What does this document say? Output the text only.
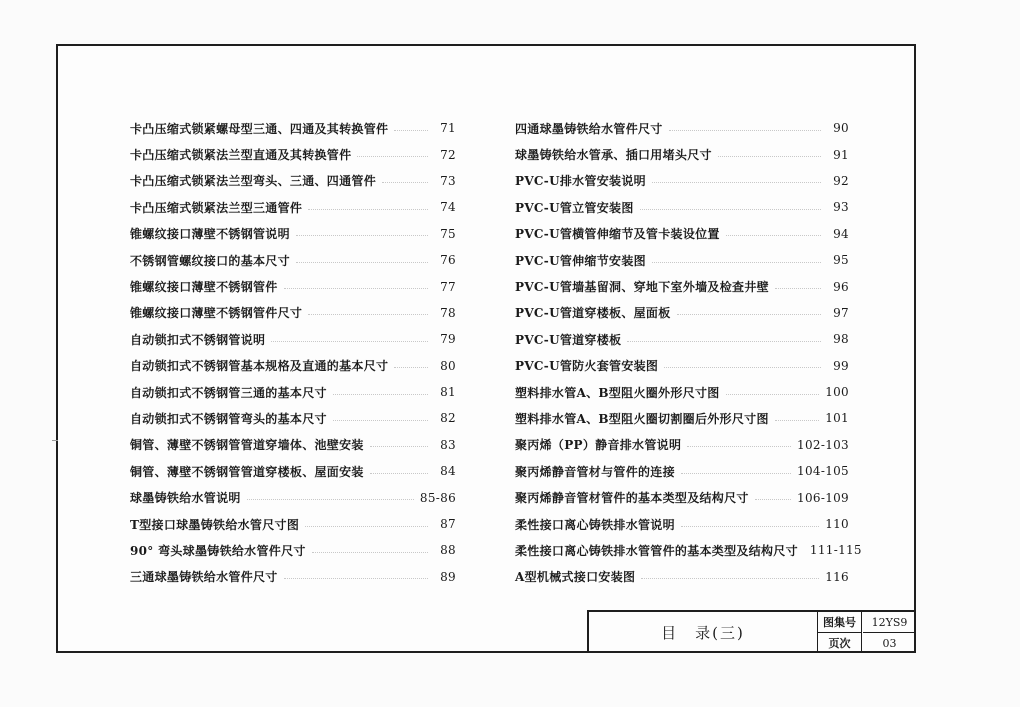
卡凸压缩式锁紧螺母型三通、四通及其转换管件	71
卡凸压缩式锁紧法兰型直通及其转换管件	72
卡凸压缩式锁紧法兰型弯头、三通、四通管件	73
卡凸压缩式锁紧法兰型三通管件	74
锥螺纹接口薄壁不锈钢管说明	75
不锈钢管螺纹接口的基本尺寸	76
锥螺纹接口薄壁不锈钢管件	77
锥螺纹接口薄壁不锈钢管件尺寸	78
自动锁扣式不锈钢管说明	79
自动锁扣式不锈钢管基本规格及直通的基本尺寸	80
自动锁扣式不锈钢管三通的基本尺寸	81
自动锁扣式不锈钢管弯头的基本尺寸	82
铜管、薄壁不锈钢管管道穿墙体、池壁安装	83
铜管、薄壁不锈钢管管道穿楼板、屋面安装	84
球墨铸铁给水管说明	85-86
T型接口球墨铸铁给水管尺寸图	87
90° 弯头球墨铸铁给水管件尺寸	88
三通球墨铸铁给水管件尺寸	89
四通球墨铸铁给水管件尺寸	90
球墨铸铁给水管承、插口用堵头尺寸	91
PVC-U排水管安装说明	92
PVC-U管立管安装图	93
PVC-U管横管伸缩节及管卡装设位置	94
PVC-U管伸缩节安装图	95
PVC-U管墙基留洞、穿地下室外墙及检查井壁	96
PVC-U管道穿楼板、屋面板	97
PVC-U管道穿楼板	98
PVC-U管防火套管安装图	99
塑料排水管A、B型阻火圈外形尺寸图	100
塑料排水管A、B型阻火圈切割圈后外形尺寸图	101
聚丙烯（PP）静音排水管说明	102-103
聚丙烯静音管材与管件的连接	104-105
聚丙烯静音管材管件的基本类型及结构尺寸	106-109
柔性接口离心铸铁排水管说明	110
柔性接口离心铸铁排水管管件的基本类型及结构尺寸	111-115
A型机械式接口安装图	116
目　录(三)
图集号	12YS9
页次	03
